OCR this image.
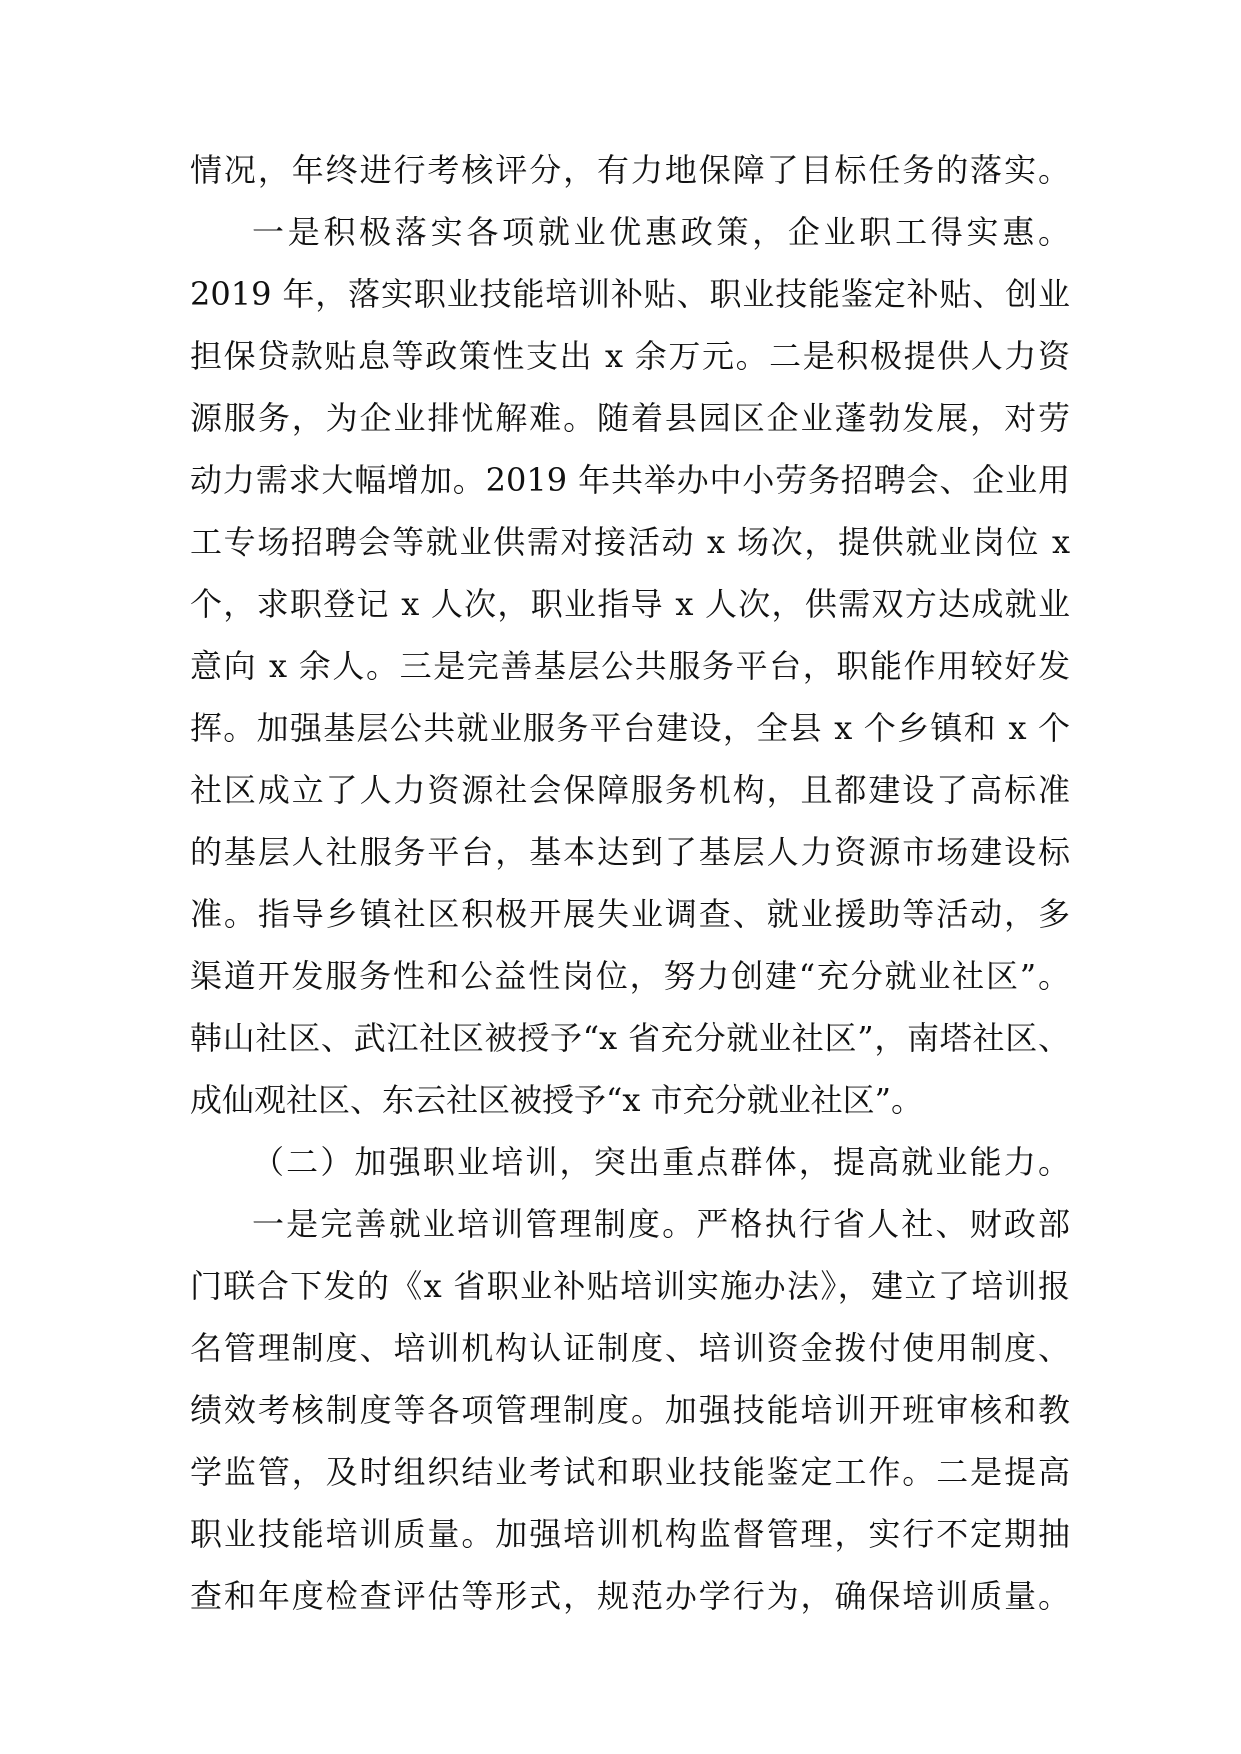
情况，年终进行考核评分，有力地保障了目标任务的落实。
一是积极落实各项就业优惠政策，企业职工得实惠。
2019 年，落实职业技能培训补贴、职业技能鉴定补贴、创业
担保贷款贴息等政策性支出 x 余万元。二是积极提供人力资
源服务，为企业排忧解难。随着县园区企业蓬勃发展，对劳
动力需求大幅增加。2019 年共举办中小劳务招聘会、企业用
工专场招聘会等就业供需对接活动 x 场次，提供就业岗位 x
个，求职登记 x 人次，职业指导 x 人次，供需双方达成就业
意向 x 余人。三是完善基层公共服务平台，职能作用较好发
挥。加强基层公共就业服务平台建设，全县 x 个乡镇和 x 个
社区成立了人力资源社会保障服务机构，且都建设了高标准
的基层人社服务平台，基本达到了基层人力资源市场建设标
准。指导乡镇社区积极开展失业调查、就业援助等活动，多
渠道开发服务性和公益性岗位，努力创建“充分就业社区”。
韩山社区、武江社区被授予“x 省充分就业社区”，南塔社区、
成仙观社区、东云社区被授予“x 市充分就业社区”。
（二）加强职业培训，突出重点群体，提高就业能力。
一是完善就业培训管理制度。严格执行省人社、财政部
门联合下发的《x 省职业补贴培训实施办法》，建立了培训报
名管理制度、培训机构认证制度、培训资金拨付使用制度、
绩效考核制度等各项管理制度。加强技能培训开班审核和教
学监管，及时组织结业考试和职业技能鉴定工作。二是提高
职业技能培训质量。加强培训机构监督管理，实行不定期抽
查和年度检查评估等形式，规范办学行为，确保培训质量。
